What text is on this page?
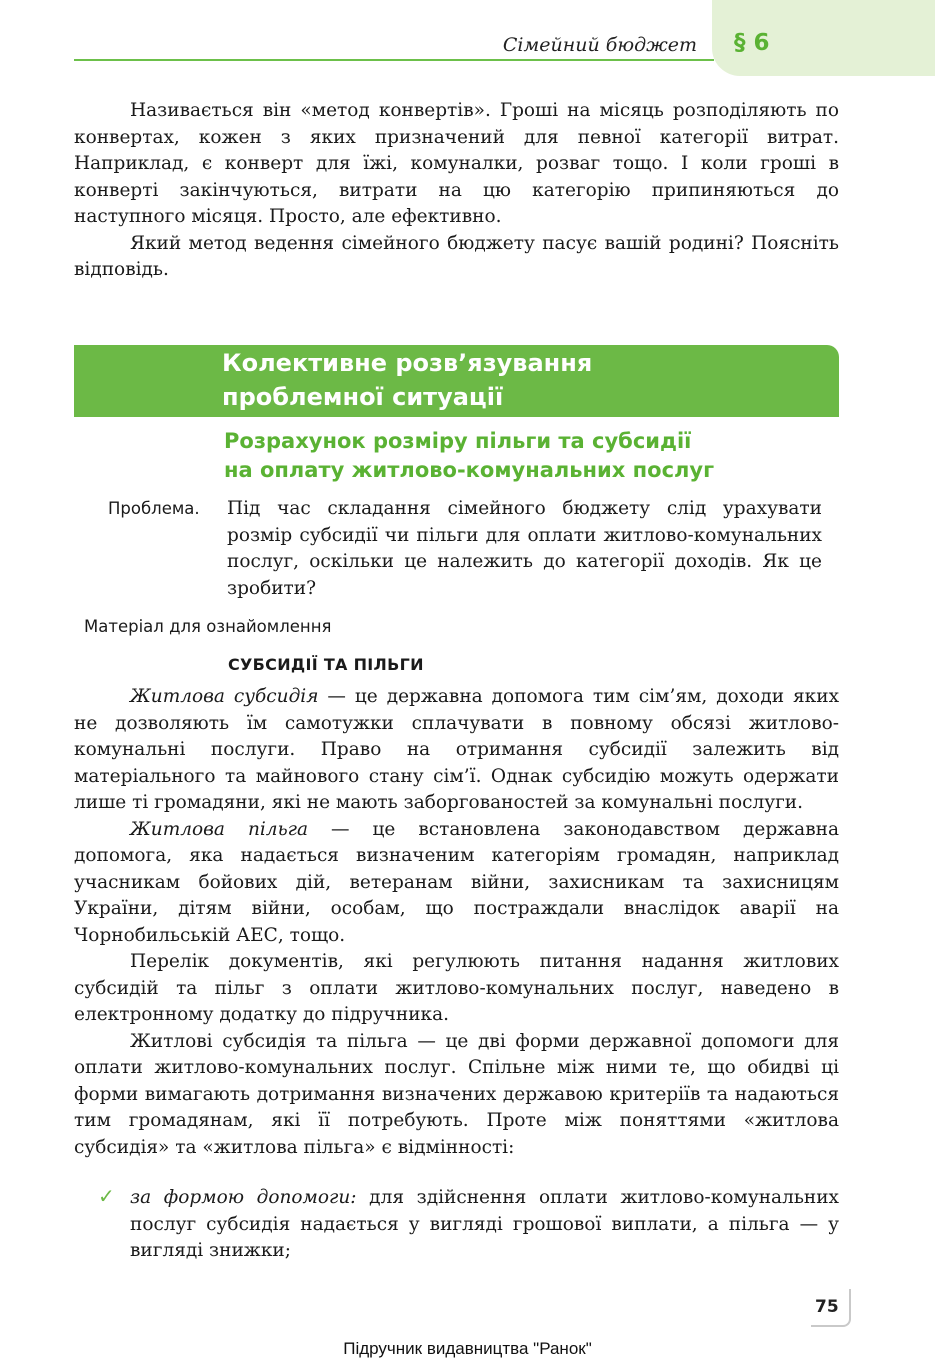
§ 6
Сімейний бюджет

Називається він «метод конвертів». Гроші на місяць розподіляють по конвертах, кожен з яких призначений для певної категорії витрат. Наприклад, є конверт для їжі, комуналки, розваг тощо. І коли гроші в конверті закінчуються, витрати на цю категорію припиняються до наступного місяця. Просто, але ефективно.

Який метод ведення сімейного бюджету пасує вашій родині? Поясніть відповідь.

Колективне розв’язування
проблемної ситуації
Розрахунок розміру пільги та субсидії
на оплату житлово-комунальних послуг
Проблема. Під час складання сімейного бюджету слід урахувати розмір субсидії чи пільги для оплати житлово-комунальних послуг, оскільки це належить до категорії доходів. Як це зробити?
Матеріал для ознайомлення
СУБСИДІЇ ТА ПІЛЬГИ

Житлова субсидія — це державна допомога тим сім’ям, доходи яких не дозволяють їм самотужки сплачувати в повному обсязі житлово-комунальні послуги. Право на отримання субсидії залежить від матеріального та майнового стану сім’ї. Однак субсидію можуть одержати лише ті громадяни, які не мають заборгованостей за комунальні послуги.

Житлова пільга — це встановлена законодавством державна допомога, яка надається визначеним категоріям громадян, наприклад учасникам бойових дій, ветеранам війни, захисникам та захисницям України, дітям війни, особам, що постраждали внаслідок аварії на Чорнобильській АЕС, тощо.

Перелік документів, які регулюють питання надання житлових субсидій та пільг з оплати житлово-комунальних послуг, наведено в електронному додатку до підручника.

Житлові субсидія та пільга — це дві форми державної допомоги для оплати житлово-комунальних послуг. Спільне між ними те, що обидві ці форми вимагають дотримання визначених державою критеріїв та надаються тим громадянам, які її потребують. Проте між поняттями «житлова субсидія» та «житлова пільга» є відмінності:

✓ за формою допомоги: для здійснення оплати житлово-комунальних послуг субсидія надається у вигляді грошової виплати, а пільга — у вигляді знижки;
75
Підручник видавництва "Ранок"
